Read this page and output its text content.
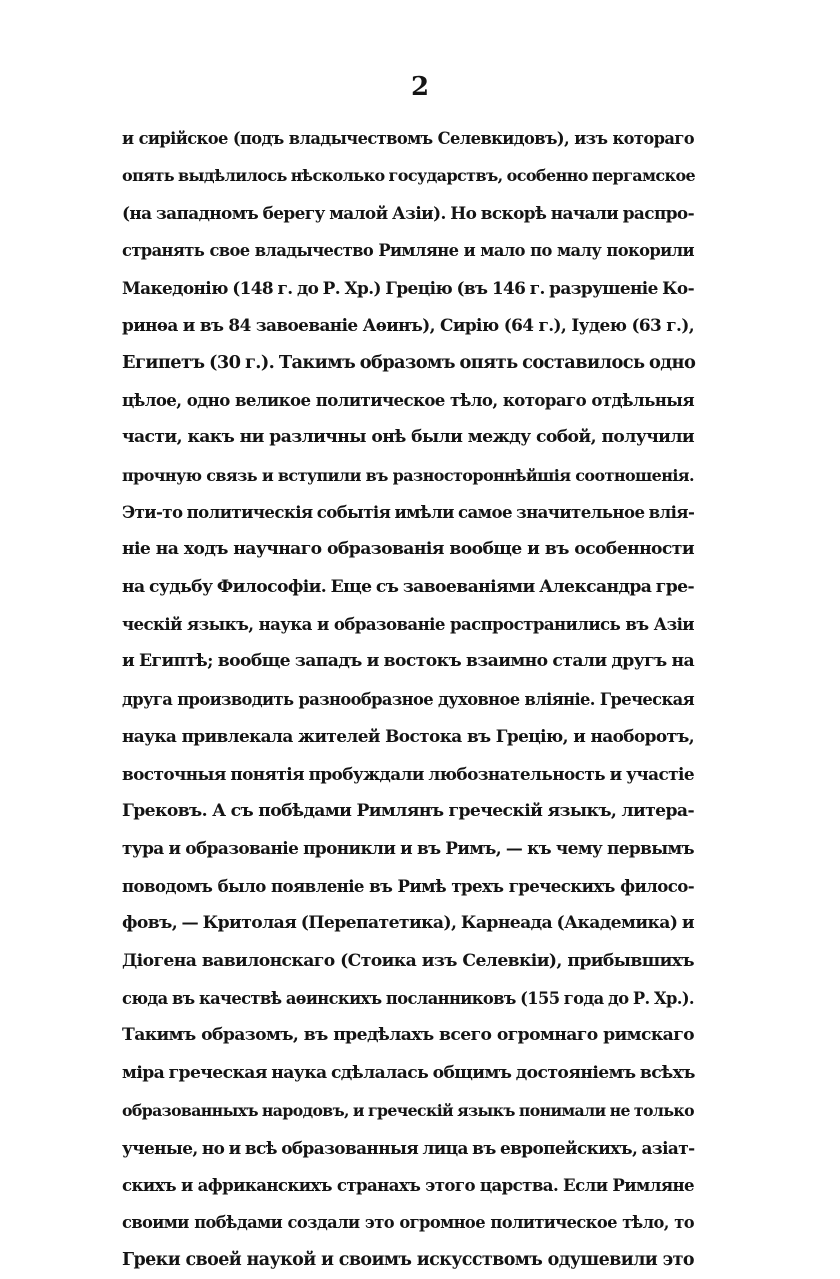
2
и сирійское (подъ владычествомъ Селевкидовъ), изъ котораго
опять выдѣлилось нѣсколько государствъ, особенно пергамское
(на западномъ берегу малой Азіи). Но вскорѣ начали распро-
странять свое владычество Римляне и мало по малу покорили
Македонію (148 г. до Р. Хр.) Грецію (въ 146 г. разрушеніе Ко-
ринѳа и въ 84 завоеваніе Аѳинъ), Сирію (64 г.), Іудею (63 г.),
Египетъ (30 г.). Такимъ образомъ опять составилось одно
цѣлое, одно великое политическое тѣло, котораго отдѣльныя
части, какъ ни различны онѣ были между собой, получили
прочную связь и вступили въ разностороннѣйшія соотношенія.
Эти-то политическія событія имѣли самое значительное влія-
ніе на ходъ научнаго образованія вообще и въ особенности
на судьбу Философіи. Еще съ завоеваніями Александра гре-
ческій языкъ, наука и образованіе распространились въ Азіи
и Египтѣ; вообще западъ и востокъ взаимно стали другъ на
друга производить разнообразное духовное вліяніе. Греческая
наука привлекала жителей Востока въ Грецію, и наоборотъ,
восточныя понятія пробуждали любознательность и участіе
Грековъ. А съ побѣдами Римлянъ греческій языкъ, литера-
тура и образованіе проникли и въ Римъ, — къ чему первымъ
поводомъ было появленіе въ Римѣ трехъ греческихъ филосо-
фовъ, — Критолая (Перепатетика), Карнеада (Академика) и
Діогена вавилонскаго (Стоика изъ Селевкіи), прибывшихъ
сюда въ качествѣ аѳинскихъ посланниковъ (155 года до Р. Хр.).
Такимъ образомъ, въ предѣлахъ всего огромнаго римскаго
міра греческая наука сдѣлалась общимъ достояніемъ всѣхъ
образованныхъ народовъ, и греческій языкъ понимали не только
ученые, но и всѣ образованныя лица въ европейскихъ, азіат-
скихъ и африканскихъ странахъ этого царства. Если Римляне
своими побѣдами создали это огромное политическое тѣло, то
Греки своей наукой и своимъ искусствомъ одушевили это
